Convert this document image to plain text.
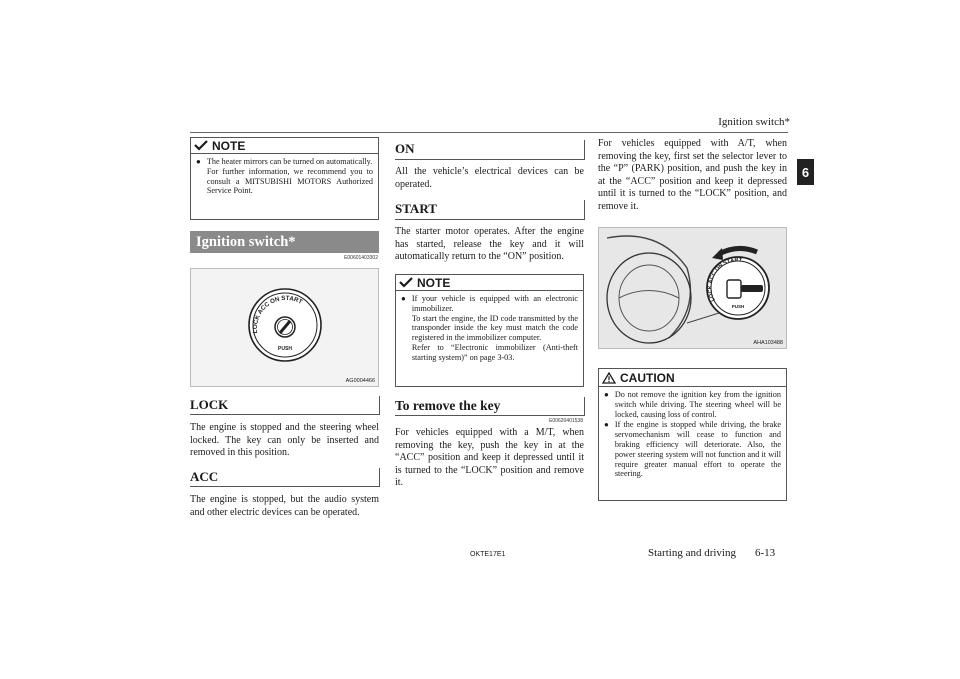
Ignition switch*
6
NOTE
● The heater mirrors can be turned on automatically.
For further information, we recommend you to consult a MITSUBISHI MOTORS Authorized Service Point.
Ignition switch*
E00601403302
LOCK ACC ON START
PUSH
AG0004466
LOCK
The engine is stopped and the steering wheel locked. The key can only be inserted and removed in this position.
ACC
The engine is stopped, but the audio system and other electric devices can be operated.
ON
All the vehicle’s electrical devices can be operated.
START
The starter motor operates. After the engine has started, release the key and it will automatically return to the “ON” position.
NOTE
● If your vehicle is equipped with an electronic immobilizer.
To start the engine, the ID code transmitted by the transponder inside the key must match the code registered in the immobilizer computer.
Refer to “Electronic immobilizer (Anti-theft starting system)” on page 3-03.
To remove the key
E00620401538
For vehicles equipped with a M/T, when removing the key, push the key in at the “ACC” position and keep it depressed until it is turned to the “LOCK” position and remove it.
For vehicles equipped with A/T, when removing the key, first set the selector lever to the “P” (PARK) position, and push the key in at the “ACC” position and keep it depressed until it is turned to the “LOCK” position, and remove it.
LOCK ACC ON START
PUSH
AHA103488
CAUTION
● Do not remove the ignition key from the ignition switch while driving. The steering wheel will be locked, causing loss of control.
● If the engine is stopped while driving, the brake servomechanism will cease to function and braking efficiency will deteriorate. Also, the power steering system will not function and it will require greater manual effort to operate the steering.
OKTE17E1	Starting and driving 6-13
